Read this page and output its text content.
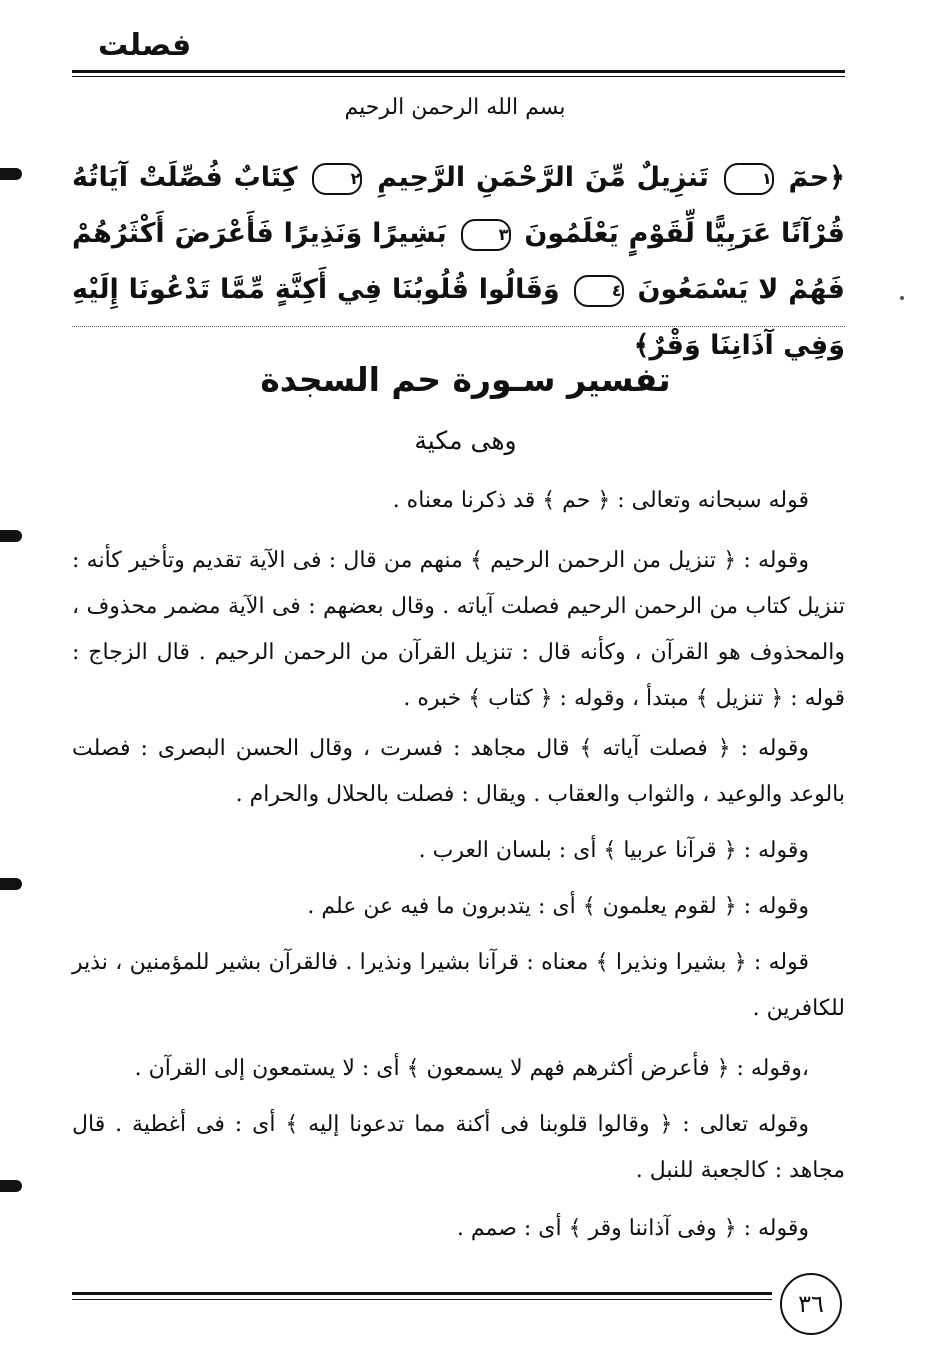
فصلت
بسم الله الرحمن الرحيم
﴿حمٓ ١ تَنزِيلٌ مِّنَ الرَّحْمَنِ الرَّحِيمِ ٢ كِتَابٌ فُصِّلَتْ آيَاتُهُ قُرْآنًا عَرَبِيًّا لِّقَوْمٍ يَعْلَمُونَ ٣ بَشِيرًا وَنَذِيرًا فَأَعْرَضَ أَكْثَرُهُمْ فَهُمْ لا يَسْمَعُونَ ٤ وَقَالُوا قُلُوبُنَا فِي أَكِنَّةٍ مِّمَّا تَدْعُونَا إِلَيْهِ وَفِي آذَانِنَا وَقْرٌ﴾
تفسير سـورة حم السجدة
وهى مكية
قوله سبحانه وتعالى : ﴿ حم ﴾ قد ذكرنا معناه .
وقوله : ﴿ تنزيل من الرحمن الرحيم ﴾ منهم من قال : فى الآية تقديم وتأخير كأنه : تنزيل كتاب من الرحمن الرحيم فصلت آياته . وقال بعضهم : فى الآية مضمر محذوف ، والمحذوف هو القرآن ، وكأنه قال : تنزيل القرآن من الرحمن الرحيم . قال الزجاج : قوله : ﴿ تنزيل ﴾ مبتدأ ، وقوله : ﴿ كتاب ﴾ خبره .
وقوله : ﴿ فصلت آياته ﴾ قال مجاهد : فسرت ، وقال الحسن البصرى : فصلت بالوعد والوعيد ، والثواب والعقاب . ويقال : فصلت بالحلال والحرام .
وقوله : ﴿ قرآنا عربيا ﴾ أى : بلسان العرب .
وقوله : ﴿ لقوم يعلمون ﴾ أى : يتدبرون ما فيه عن علم .
قوله : ﴿ بشيرا ونذيرا ﴾ معناه : قرآنا بشيرا ونذيرا . فالقرآن بشير للمؤمنين ، نذير للكافرين .
،وقوله : ﴿ فأعرض أكثرهم فهم لا يسمعون ﴾ أى : لا يستمعون إلى القرآن .
وقوله تعالى : ﴿ وقالوا قلوبنا فى أكنة مما تدعونا إليه ﴾ أى : فى أغطية . قال مجاهد : كالجعبة للنبل .
وقوله : ﴿ وفى آذاننا وقر ﴾ أى : صمم .
٣٦
